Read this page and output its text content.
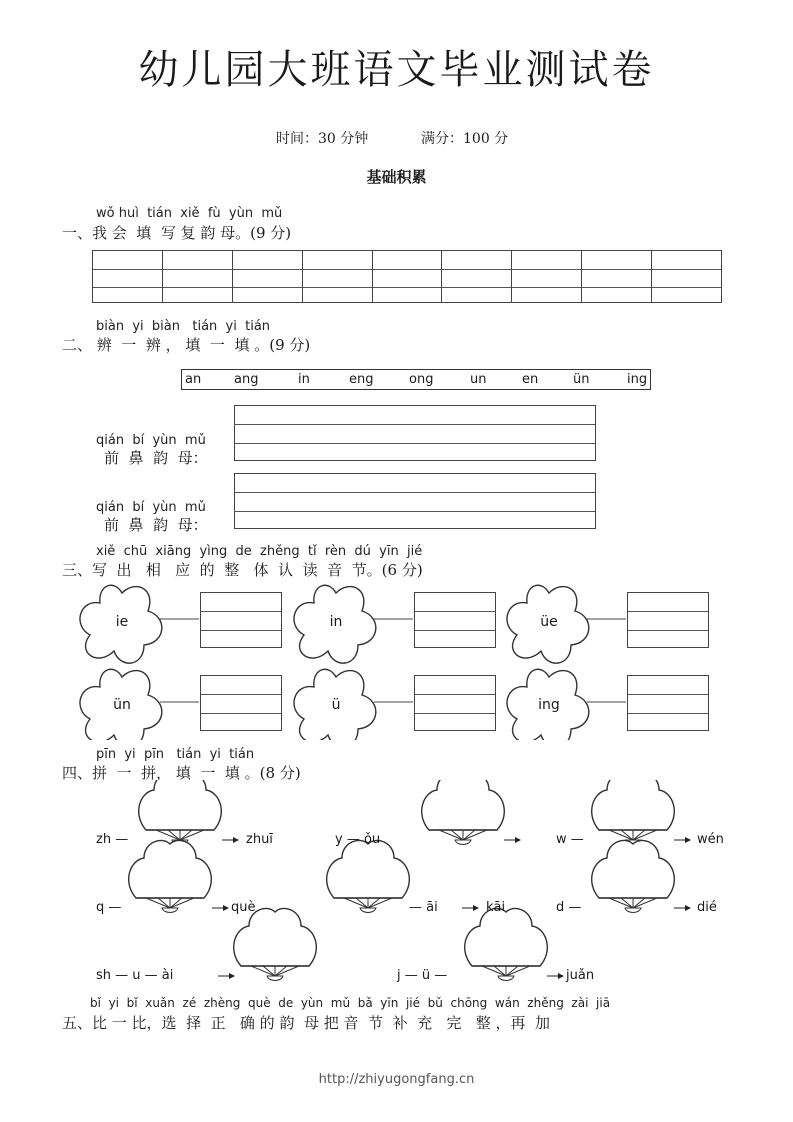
幼儿园大班语文毕业测试卷
时间：30 分钟	满分：100 分
基础积累
wǒ huì  tián  xiě  fù  yùn  mǔ
一、我 会  填  写 复 韵 母。(9 分)
biàn  yi  biàn   tián  yi  tián
二、 辨  一  辨 ， 填  一  填 。(9 分)
an	ang	in	eng	ong	un	en	ün	ing
qián  bí  yùn  mǔ
前  鼻  韵  母：
qián  bí  yùn  mǔ
前  鼻  韵  母：
xiě  chū  xiāng  yìng  de  zhěng  tǐ  rèn  dú  yīn  jié
三、写  出   相   应  的  整   体  认  读  音  节。(6 分)
ie	in	üe
ün	ü	ing
pīn  yi  pīn   tián  yi  tián
四、拼  一  拼， 填  一  填 。(8 分)
zh —	zhuī	y — ǒu	w —	wén
q —	què	— āi	kāi	d —	dié
sh — u — ài	j — ü —	juǎn
bǐ  yi  bǐ  xuǎn  zé  zhèng  què  de  yùn  mǔ  bǎ  yīn  jié  bǔ  chōng  wán  zhěng  zài  jiā
五、比 一 比，选  择  正   确 的 韵  母 把 音  节  补  充   完   整 ，再  加
http://zhiyugongfang.cn
